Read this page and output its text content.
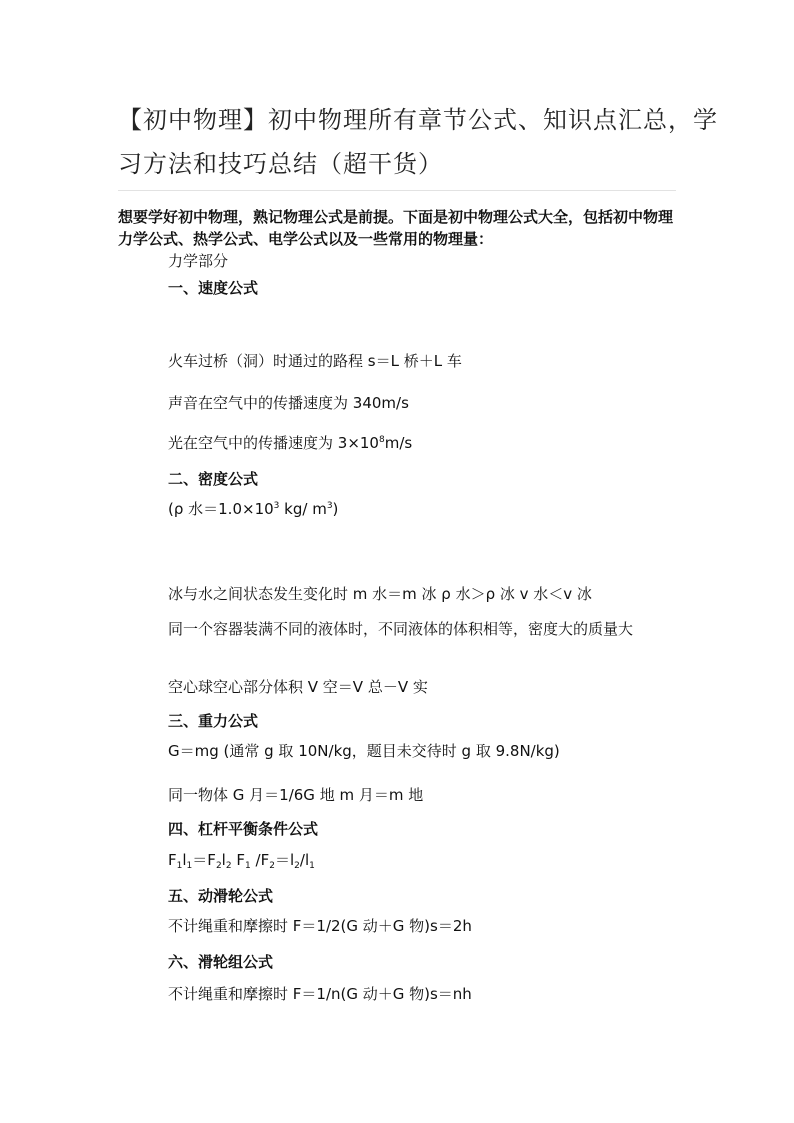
【初中物理】初中物理所有章节公式、知识点汇总，学习方法和技巧总结（超干货）
想要学好初中物理，熟记物理公式是前提。下面是初中物理公式大全，包括初中物理力学公式、热学公式、电学公式以及一些常用的物理量：
力学部分
一、速度公式
火车过桥（洞）时通过的路程 s＝L 桥＋L 车
声音在空气中的传播速度为 340m/s
光在空气中的传播速度为 $3\times 10^8m/s$
二、密度公式
(ρ 水$=1.0\times 10^3$ kg/ $m^3$)
冰与水之间状态发生变化时 m 水＝m 冰 ρ 水＞ρ 冰 v 水＜v 冰
同一个容器装满不同的液体时，不同液体的体积相等，密度大的质量大
空心球空心部分体积 V 空＝V 总－V 实
三、重力公式
G＝mg (通常 g 取 10N/kg，题目未交待时 g 取 9.8N/kg)
同一物体 G 月＝1/6G 地 m 月＝m 地
四、杠杆平衡条件公式
$F_1l_1=F_2l_2$ $F_1$ $/F_2=l_2/l_1$
五、动滑轮公式
不计绳重和摩擦时 F＝1/2(G 动＋G 物)s＝2h
六、滑轮组公式
不计绳重和摩擦时 F＝1/n(G 动＋G 物)s＝nh
